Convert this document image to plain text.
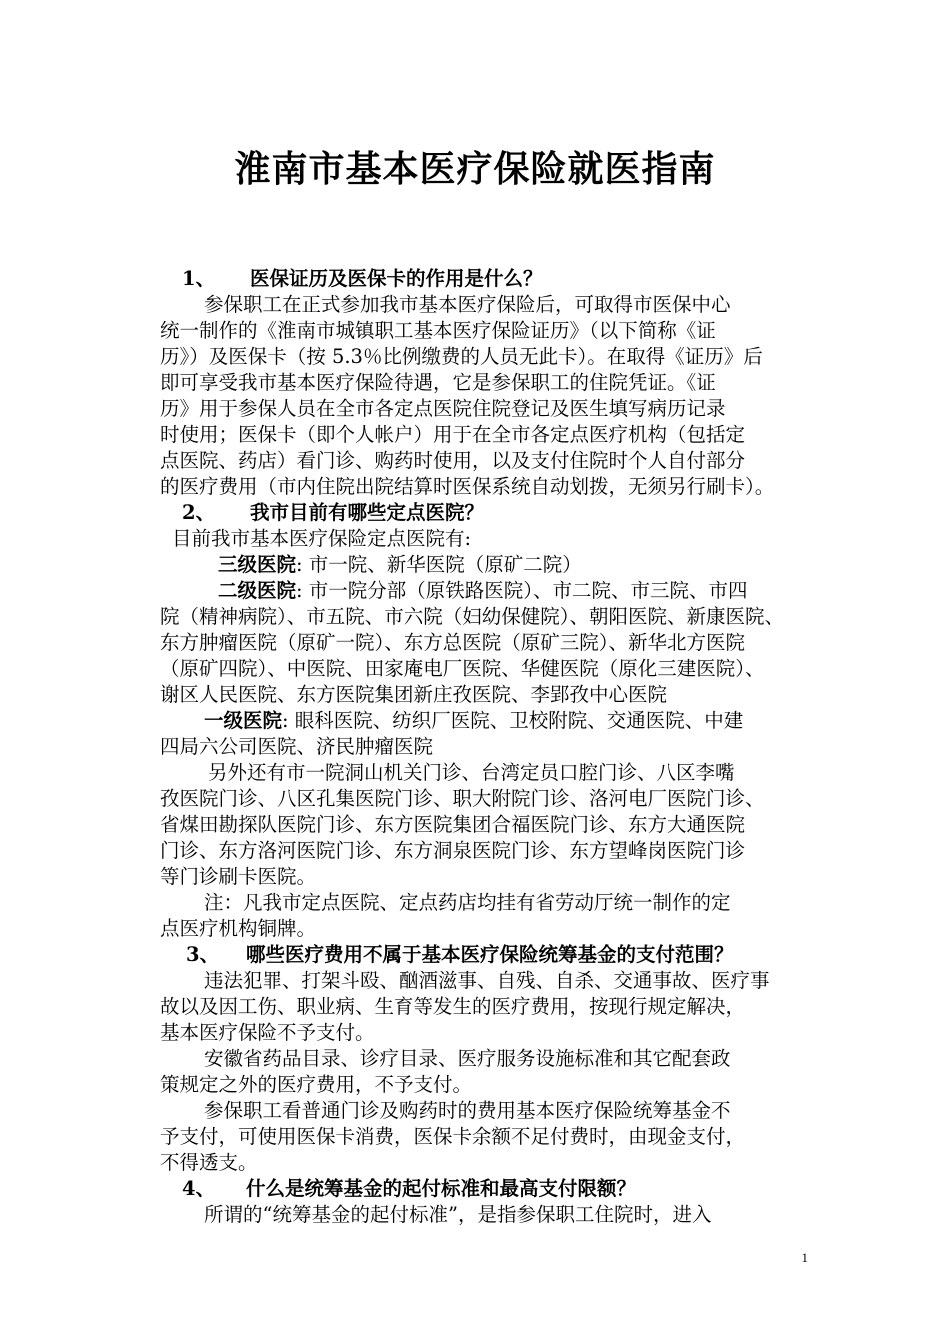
淮南市基本医疗保险就医指南
1、 医保证历及医保卡的作用是什么？
参保职工在正式参加我市基本医疗保险后，可取得市医保中心
统一制作的《淮南市城镇职工基本医疗保险证历》（以下简称《证
历》）及医保卡（按 5.3％比例缴费的人员无此卡）。在取得《证历》后
即可享受我市基本医疗保险待遇，它是参保职工的住院凭证。《证
历》用于参保人员在全市各定点医院住院登记及医生填写病历记录
时使用；医保卡（即个人帐户）用于在全市各定点医疗机构（包括定
点医院、药店）看门诊、购药时使用，以及支付住院时个人自付部分
的医疗费用（市内住院出院结算时医保系统自动划拨，无须另行刷卡）。
2、 我市目前有哪些定点医院？
目前我市基本医疗保险定点医院有:
三级医院: 市一院、新华医院（原矿二院）
二级医院: 市一院分部（原铁路医院）、市二院、市三院、市四
院（精神病院）、市五院、市六院（妇幼保健院）、朝阳医院、新康医院、
东方肿瘤医院（原矿一院）、东方总医院（原矿三院）、新华北方医院
（原矿四院）、中医院、田家庵电厂医院、华健医院（原化三建医院）、
谢区人民医院、东方医院集团新庄孜医院、李郢孜中心医院
一级医院: 眼科医院、纺织厂医院、卫校附院、交通医院、中建
四局六公司医院、济民肿瘤医院
另外还有市一院洞山机关门诊、台湾定员口腔门诊、八区李嘴
孜医院门诊、八区孔集医院门诊、职大附院门诊、洛河电厂医院门诊、
省煤田勘探队医院门诊、东方医院集团合福医院门诊、东方大通医院
门诊、东方洛河医院门诊、东方洞泉医院门诊、东方望峰岗医院门诊
等门诊刷卡医院。
注：凡我市定点医院、定点药店均挂有省劳动厅统一制作的定
点医疗机构铜牌。
3、 哪些医疗费用不属于基本医疗保险统筹基金的支付范围？
违法犯罪、打架斗殴、酗酒滋事、自残、自杀、交通事故、医疗事
故以及因工伤、职业病、生育等发生的医疗费用，按现行规定解决，
基本医疗保险不予支付。
安徽省药品目录、诊疗目录、医疗服务设施标准和其它配套政
策规定之外的医疗费用，不予支付。
参保职工看普通门诊及购药时的费用基本医疗保险统筹基金不
予支付，可使用医保卡消费，医保卡余额不足付费时，由现金支付，
不得透支。
4、 什么是统筹基金的起付标准和最高支付限额？
所谓的“统筹基金的起付标准”，是指参保职工住院时，进入
1
